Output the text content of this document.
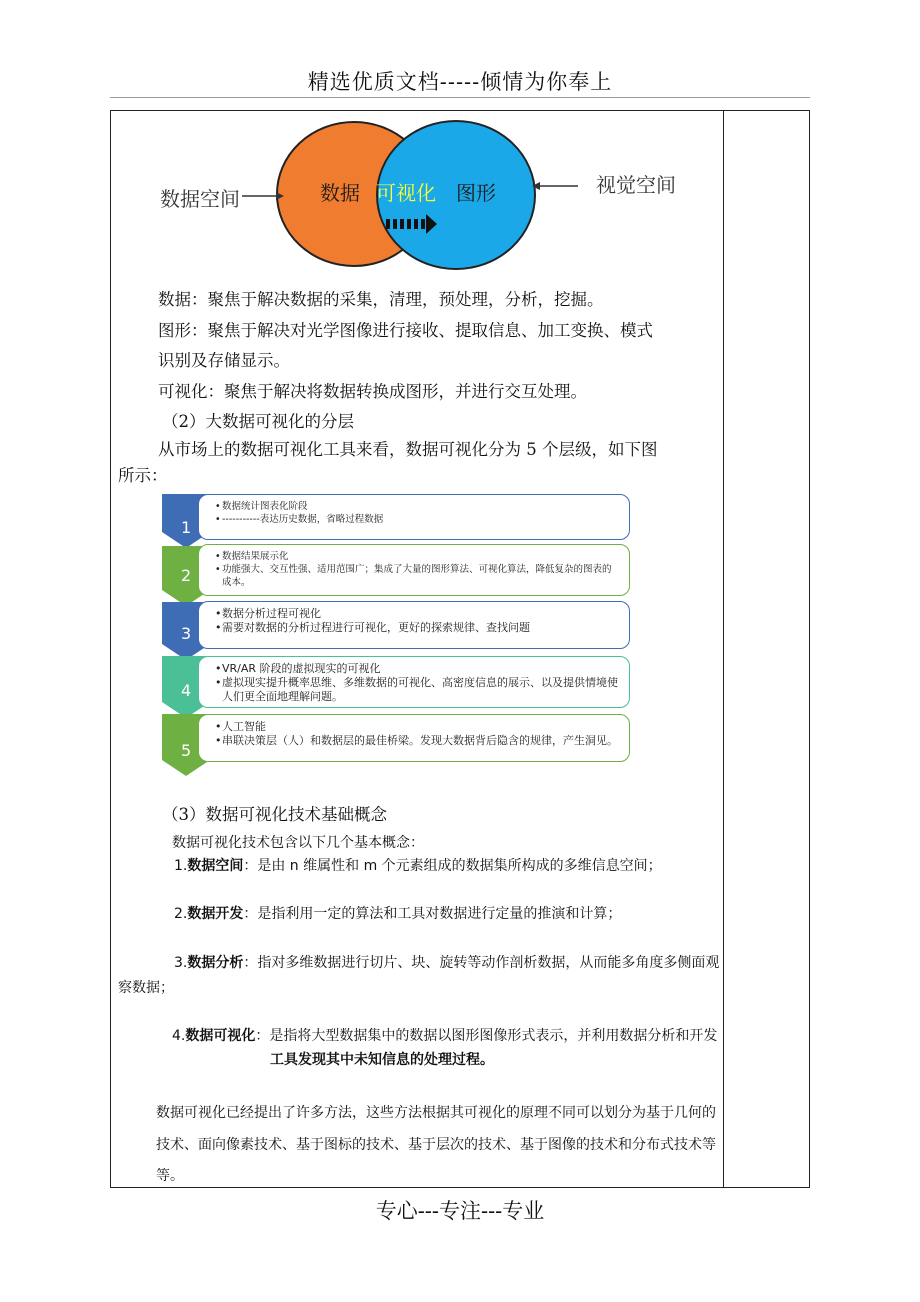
精选优质文档-----倾情为你奉上
数据空间
视觉空间
数据 可视化 图形
数据：聚焦于解决数据的采集，清理，预处理，分析，挖掘。
图形：聚焦于解决对光学图像进行接收、提取信息、加工变换、模式
识别及存储显示。
可视化：聚焦于解决将数据转换成图形，并进行交互处理。
（2）大数据可视化的分层
从市场上的数据可视化工具来看，数据可视化分为 5 个层级，如下图
所示：
1
2
3
4
5
• 数据统计图表化阶段
• -----------表达历史数据，省略过程数据
• 数据结果展示化
• 功能强大、交互性强、适用范围广；集成了大量的图形算法、可视化算法，降低复杂的图表的成本。
• 数据分析过程可视化
• 需要对数据的分析过程进行可视化，更好的探索规律、查找问题
• VR/AR 阶段的虚拟现实的可视化
• 虚拟现实提升概率思维、多维数据的可视化、高密度信息的展示、以及提供情境使人们更全面地理解问题。
• 人工智能
• 串联决策层（人）和数据层的最佳桥梁。发现大数据背后隐含的规律，产生洞见。
（3）数据可视化技术基础概念
数据可视化技术包含以下几个基本概念：
1.数据空间：是由 n 维属性和 m 个元素组成的数据集所构成的多维信息空间；
2.数据开发：是指利用一定的算法和工具对数据进行定量的推演和计算；
3.数据分析：指对多维数据进行切片、块、旋转等动作剖析数据，从而能多角度多侧面观
察数据；
4.数据可视化：是指将大型数据集中的数据以图形图像形式表示，并利用数据分析和开发
工具发现其中未知信息的处理过程。
数据可视化已经提出了许多方法，这些方法根据其可视化的原理不同可以划分为基于几何的
技术、面向像素技术、基于图标的技术、基于层次的技术、基于图像的技术和分布式技术等
等。
专心---专注---专业
